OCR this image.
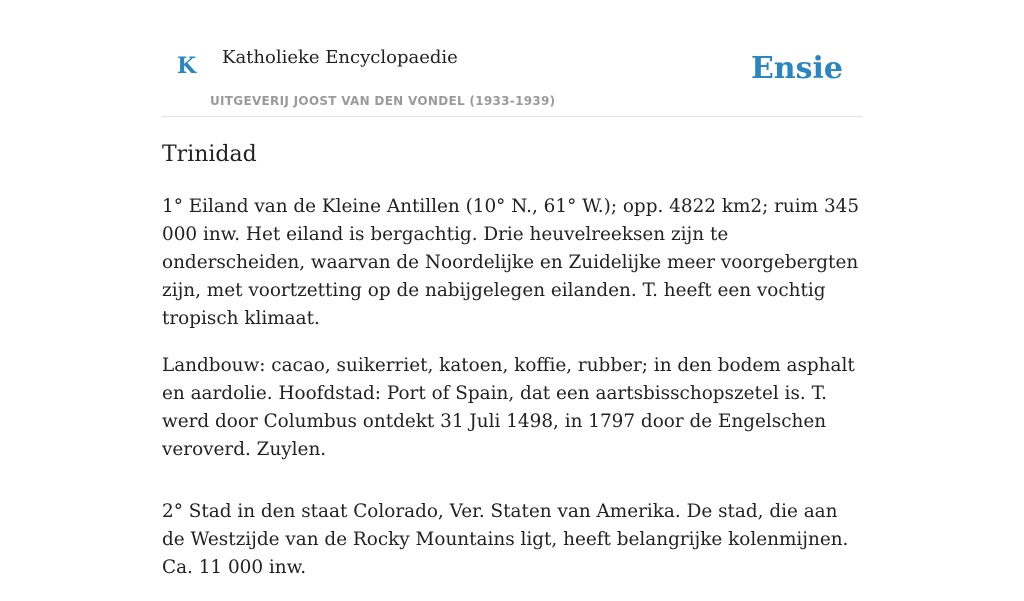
K Katholieke Encyclopaedie
UITGEVERIJ JOOST VAN DEN VONDEL (1933-1939)
Ensie
Trinidad

1° Eiland van de Kleine Antillen (10° N., 61° W.); opp. 4822 km2; ruim 345 000 inw. Het eiland is bergachtig. Drie heuvelreeksen zijn te onderscheiden, waarvan de Noordelijke en Zuidelijke meer voorgebergten zijn, met voortzetting op de nabijgelegen eilanden. T. heeft een vochtig tropisch klimaat.

Landbouw: cacao, suikerriet, katoen, koffie, rubber; in den bodem asphalt en aardolie. Hoofdstad: Port of Spain, dat een aartsbisschopszetel is. T. werd door Columbus ontdekt 31 Juli 1498, in 1797 door de Engelschen veroverd. Zuylen.

2° Stad in den staat Colorado, Ver. Staten van Amerika. De stad, die aan de Westzijde van de Rocky Mountains ligt, heeft belangrijke kolenmijnen. Ca. 11 000 inw.
